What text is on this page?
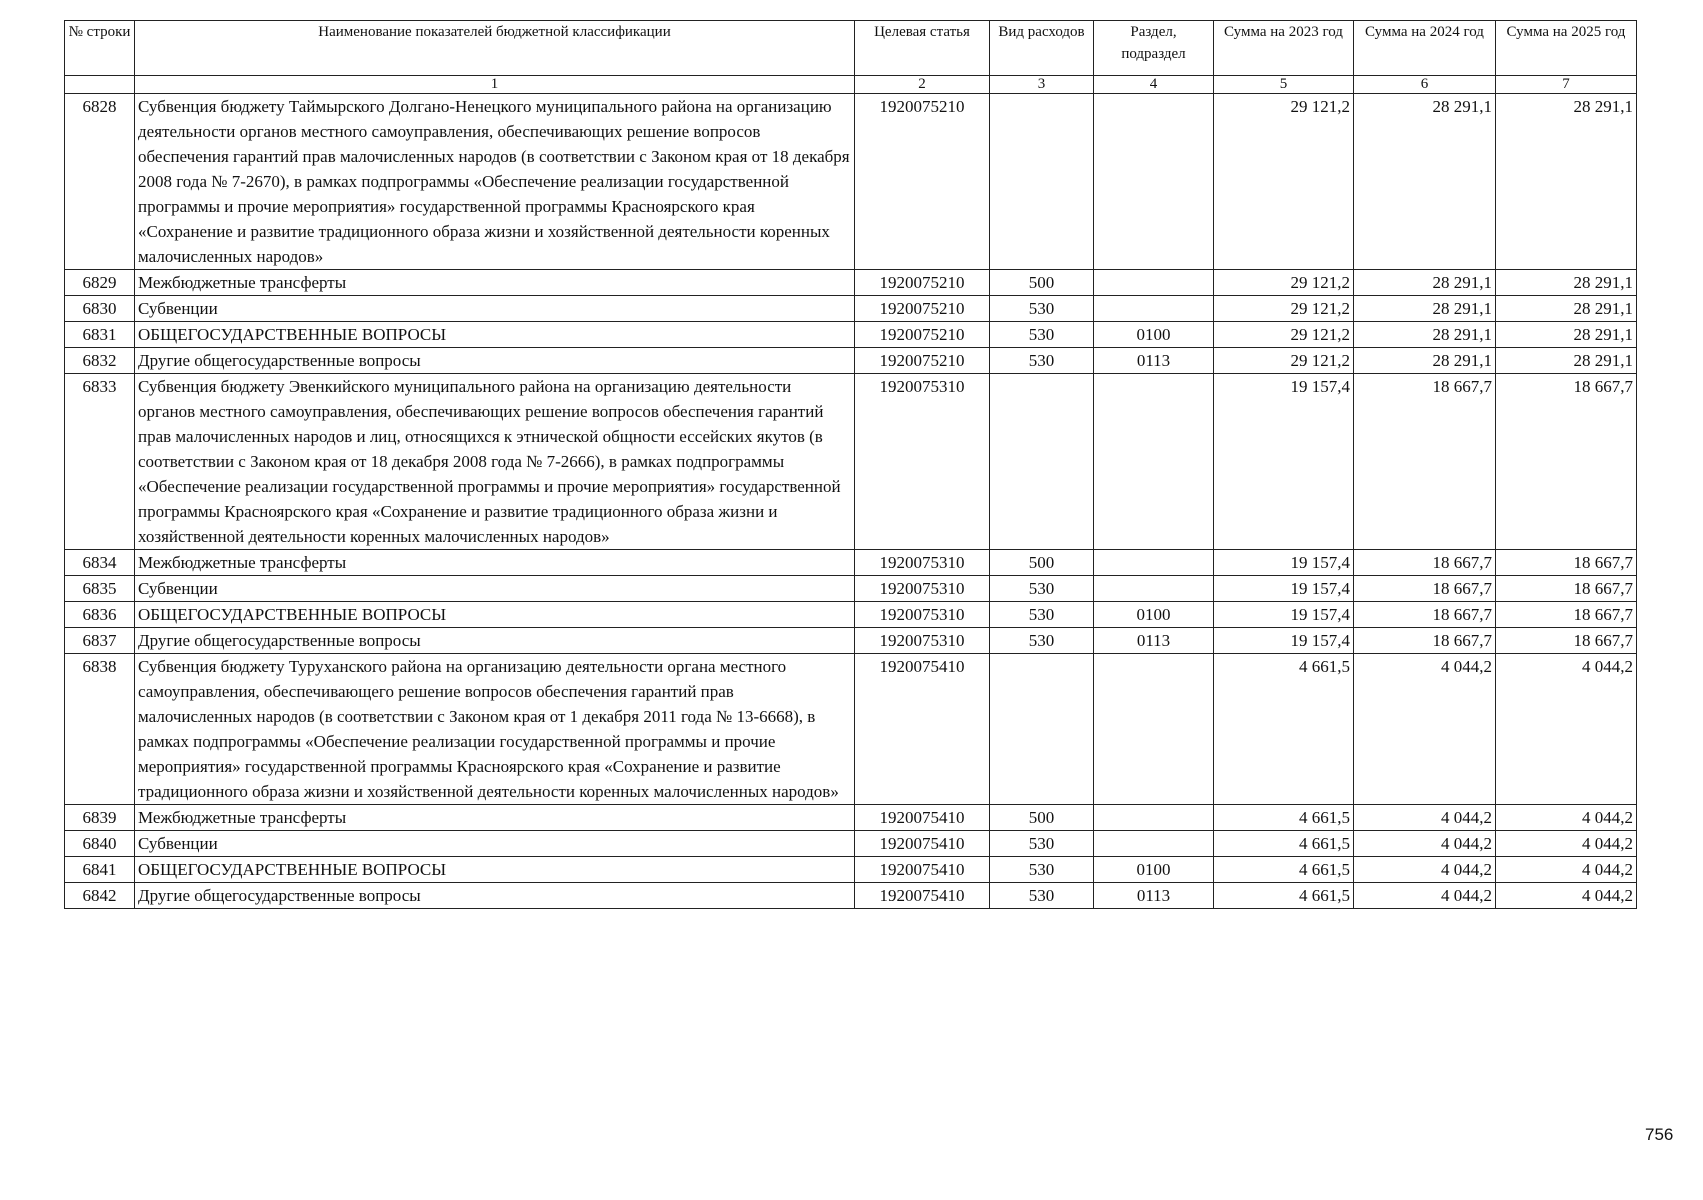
№ строки	Наименование показателей бюджетной классификации	Целевая статья	Вид расходов	Раздел, подраздел	Сумма на 2023 год	Сумма на 2024 год	Сумма на 2025 год
	1	2	3	4	5	6	7
6828	Субвенция бюджету Таймырского Долгано-Ненецкого муниципального района на организацию деятельности органов местного самоуправления, обеспечивающих решение вопросов обеспечения гарантий прав малочисленных народов (в соответствии с Законом края от 18 декабря 2008 года № 7-2670), в рамках подпрограммы «Обеспечение реализации государственной программы и прочие мероприятия» государственной программы Красноярского края «Сохранение и развитие традиционного образа жизни и хозяйственной деятельности коренных малочисленных народов»	1920075210			29 121,2	28 291,1	28 291,1
6829	Межбюджетные трансферты	1920075210	500		29 121,2	28 291,1	28 291,1
6830	Субвенции	1920075210	530		29 121,2	28 291,1	28 291,1
6831	ОБЩЕГОСУДАРСТВЕННЫЕ ВОПРОСЫ	1920075210	530	0100	29 121,2	28 291,1	28 291,1
6832	Другие общегосударственные вопросы	1920075210	530	0113	29 121,2	28 291,1	28 291,1
6833	Субвенция бюджету Эвенкийского муниципального района на организацию деятельности органов местного самоуправления, обеспечивающих решение вопросов обеспечения гарантий прав малочисленных народов и лиц, относящихся к этнической общности ессейских якутов (в соответствии с Законом края от 18 декабря 2008 года № 7-2666), в рамках подпрограммы «Обеспечение реализации государственной программы и прочие мероприятия» государственной программы Красноярского края «Сохранение и развитие традиционного образа жизни и хозяйственной деятельности коренных малочисленных народов»	1920075310			19 157,4	18 667,7	18 667,7
6834	Межбюджетные трансферты	1920075310	500		19 157,4	18 667,7	18 667,7
6835	Субвенции	1920075310	530		19 157,4	18 667,7	18 667,7
6836	ОБЩЕГОСУДАРСТВЕННЫЕ ВОПРОСЫ	1920075310	530	0100	19 157,4	18 667,7	18 667,7
6837	Другие общегосударственные вопросы	1920075310	530	0113	19 157,4	18 667,7	18 667,7
6838	Субвенция бюджету Туруханского района на организацию деятельности органа местного самоуправления, обеспечивающего решение вопросов обеспечения гарантий прав малочисленных народов (в соответствии с Законом края от 1 декабря 2011 года № 13-6668), в рамках подпрограммы «Обеспечение реализации государственной программы и прочие мероприятия» государственной программы Красноярского края «Сохранение и развитие традиционного образа жизни и хозяйственной деятельности коренных малочисленных народов»	1920075410			4 661,5	4 044,2	4 044,2
6839	Межбюджетные трансферты	1920075410	500		4 661,5	4 044,2	4 044,2
6840	Субвенции	1920075410	530		4 661,5	4 044,2	4 044,2
6841	ОБЩЕГОСУДАРСТВЕННЫЕ ВОПРОСЫ	1920075410	530	0100	4 661,5	4 044,2	4 044,2
6842	Другие общегосударственные вопросы	1920075410	530	0113	4 661,5	4 044,2	4 044,2
756
